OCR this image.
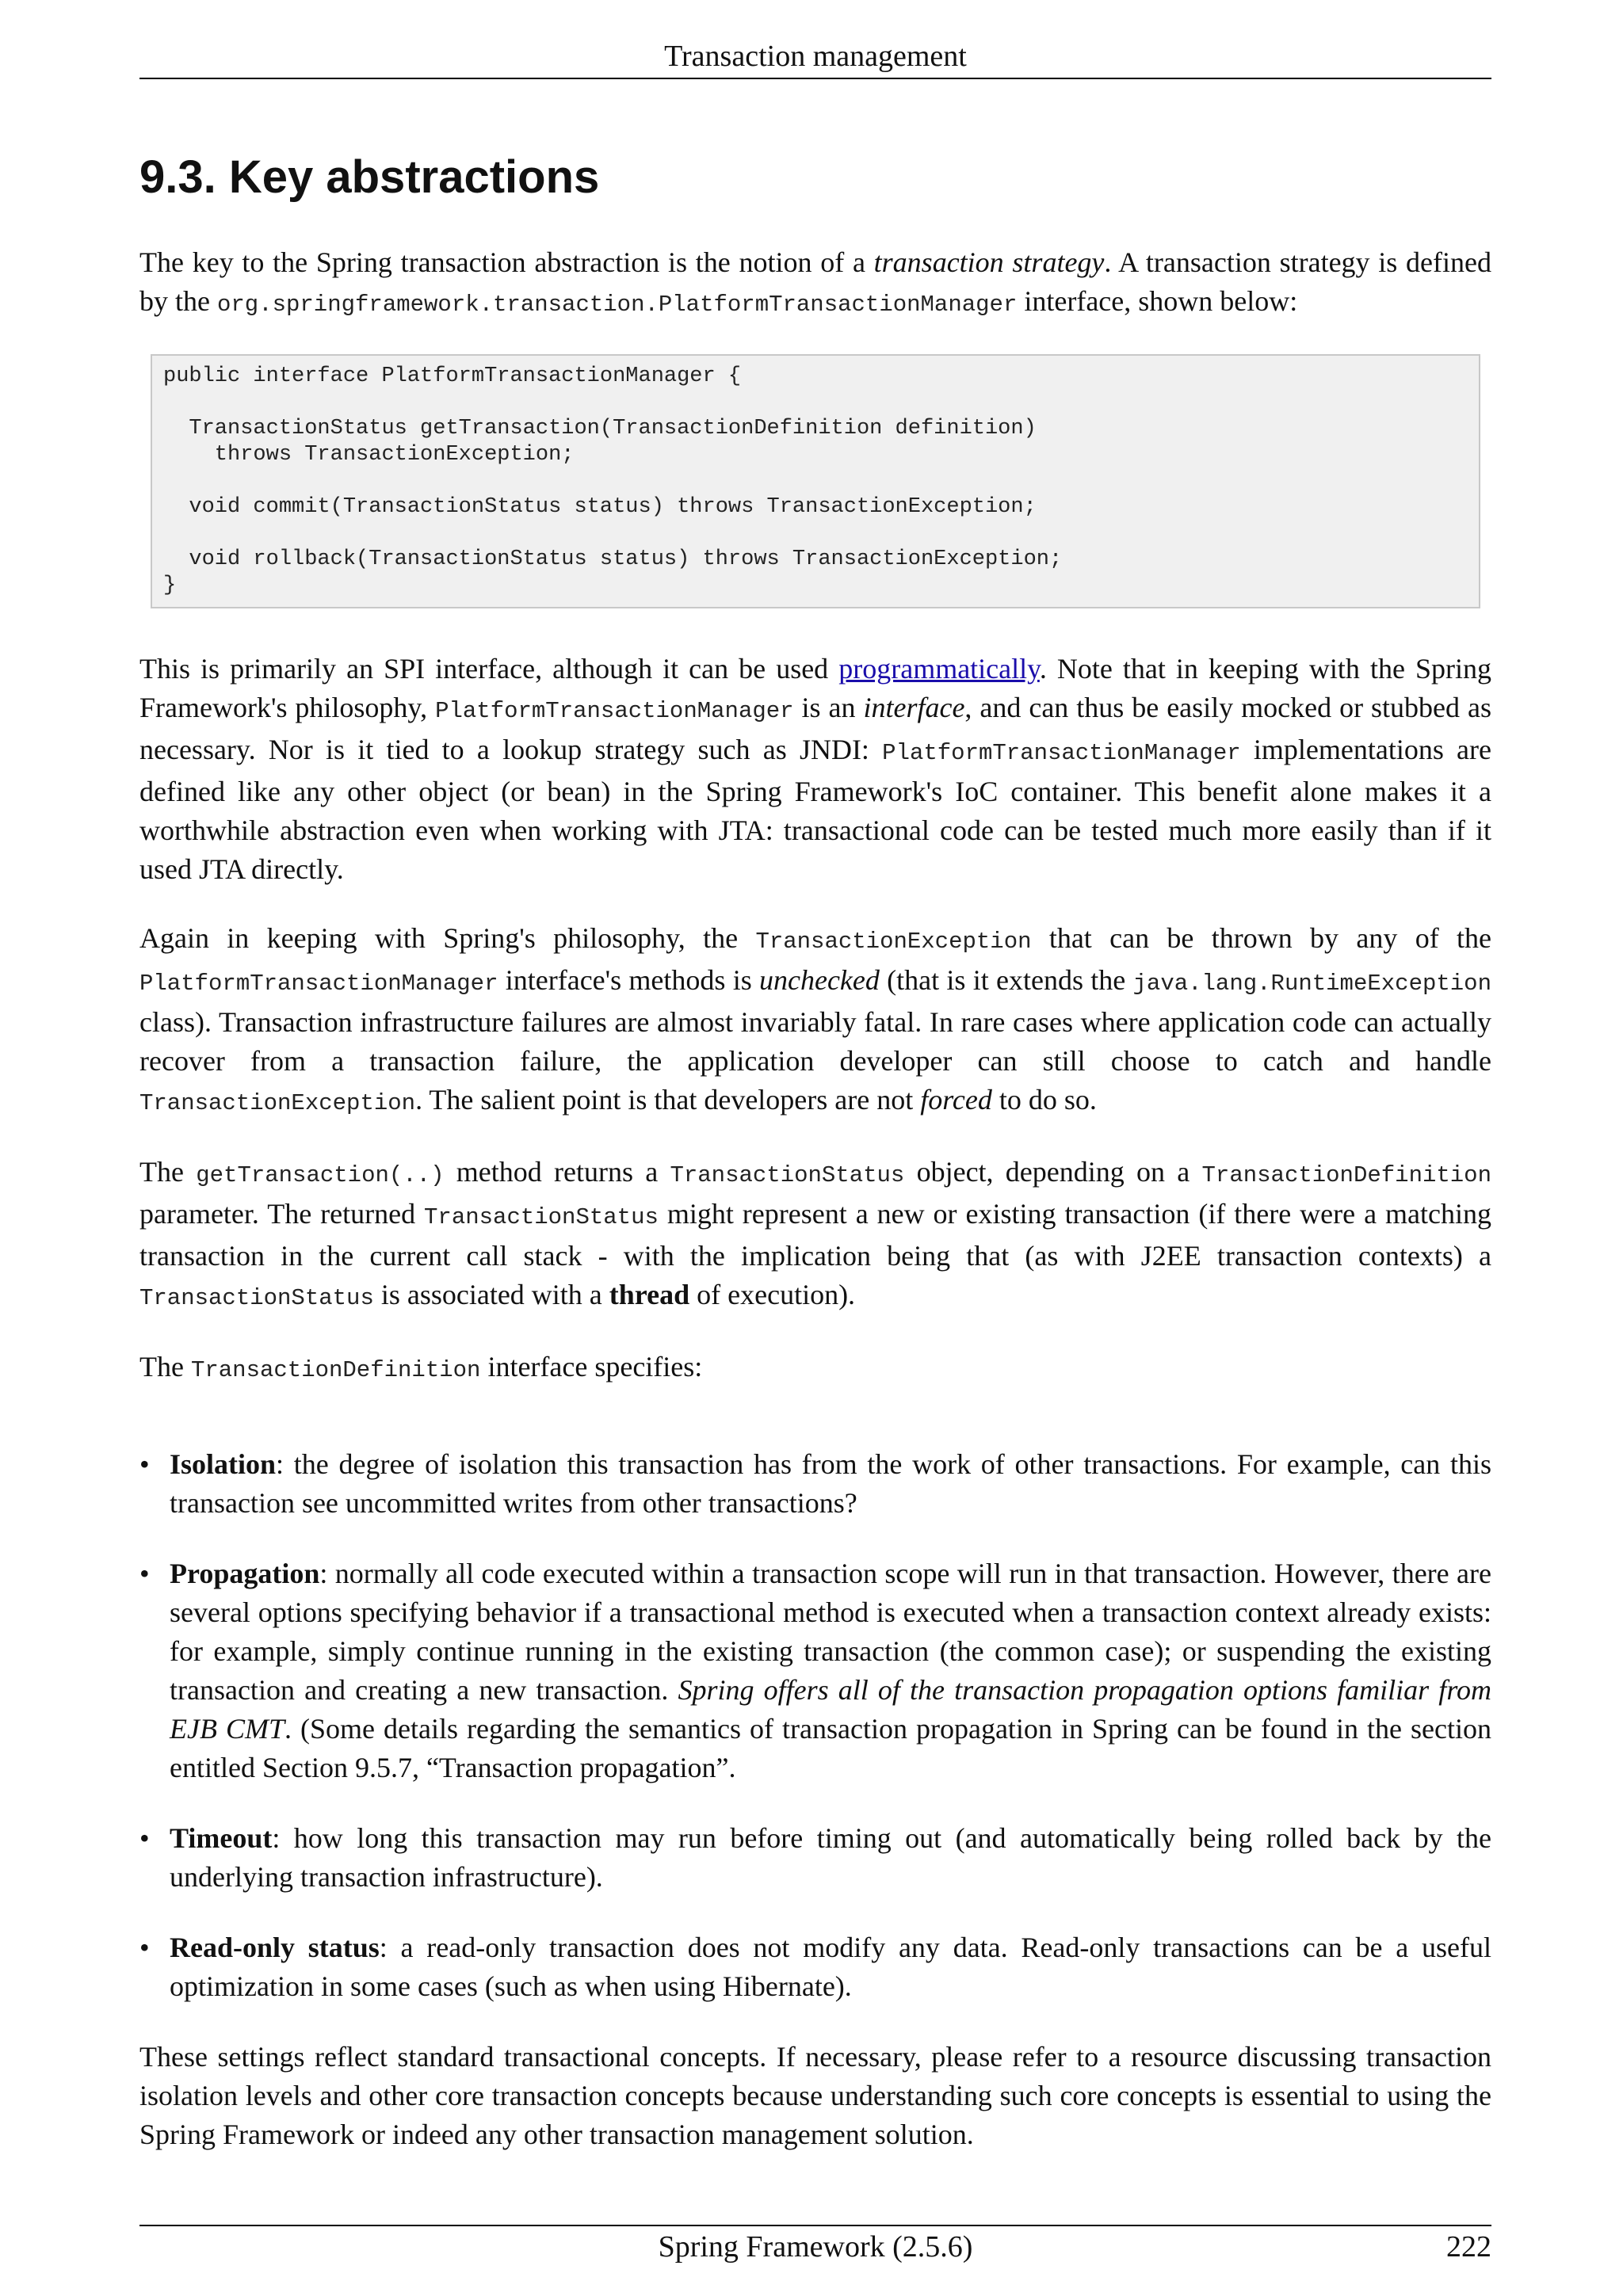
Transaction management
9.3. Key abstractions

The key to the Spring transaction abstraction is the notion of a transaction strategy. A transaction strategy is defined by the org.springframework.transaction.PlatformTransactionManager interface, shown below:

public interface PlatformTransactionManager {

TransactionStatus getTransaction(TransactionDefinition definition)
throws TransactionException;

void commit(TransactionStatus status) throws TransactionException;

void rollback(TransactionStatus status) throws TransactionException;
}

This is primarily an SPI interface, although it can be used programmatically. Note that in keeping with the Spring Framework's philosophy, PlatformTransactionManager is an interface, and can thus be easily mocked or stubbed as necessary. Nor is it tied to a lookup strategy such as JNDI: PlatformTransactionManager implementations are defined like any other object (or bean) in the Spring Framework's IoC container. This benefit alone makes it a worthwhile abstraction even when working with JTA: transactional code can be tested much more easily than if it used JTA directly.

Again in keeping with Spring's philosophy, the TransactionException that can be thrown by any of the PlatformTransactionManager interface's methods is unchecked (that is it extends the java.lang.RuntimeException class). Transaction infrastructure failures are almost invariably fatal. In rare cases where application code can actually recover from a transaction failure, the application developer can still choose to catch and handle TransactionException. The salient point is that developers are not forced to do so.

The getTransaction(..) method returns a TransactionStatus object, depending on a TransactionDefinition parameter. The returned TransactionStatus might represent a new or existing transaction (if there were a matching transaction in the current call stack - with the implication being that (as with J2EE transaction contexts) a TransactionStatus is associated with a thread of execution).

The TransactionDefinition interface specifies:

• Isolation: the degree of isolation this transaction has from the work of other transactions. For example, can this transaction see uncommitted writes from other transactions?
• Propagation: normally all code executed within a transaction scope will run in that transaction. However, there are several options specifying behavior if a transactional method is executed when a transaction context already exists: for example, simply continue running in the existing transaction (the common case); or suspending the existing transaction and creating a new transaction. Spring offers all of the transaction propagation options familiar from EJB CMT. (Some details regarding the semantics of transaction propagation in Spring can be found in the section entitled Section 9.5.7, “Transaction propagation”.
• Timeout: how long this transaction may run before timing out (and automatically being rolled back by the underlying transaction infrastructure).
• Read-only status: a read-only transaction does not modify any data. Read-only transactions can be a useful optimization in some cases (such as when using Hibernate).

These settings reflect standard transactional concepts. If necessary, please refer to a resource discussing transaction isolation levels and other core transaction concepts because understanding such core concepts is essential to using the Spring Framework or indeed any other transaction management solution.

Spring Framework (2.5.6)	222
